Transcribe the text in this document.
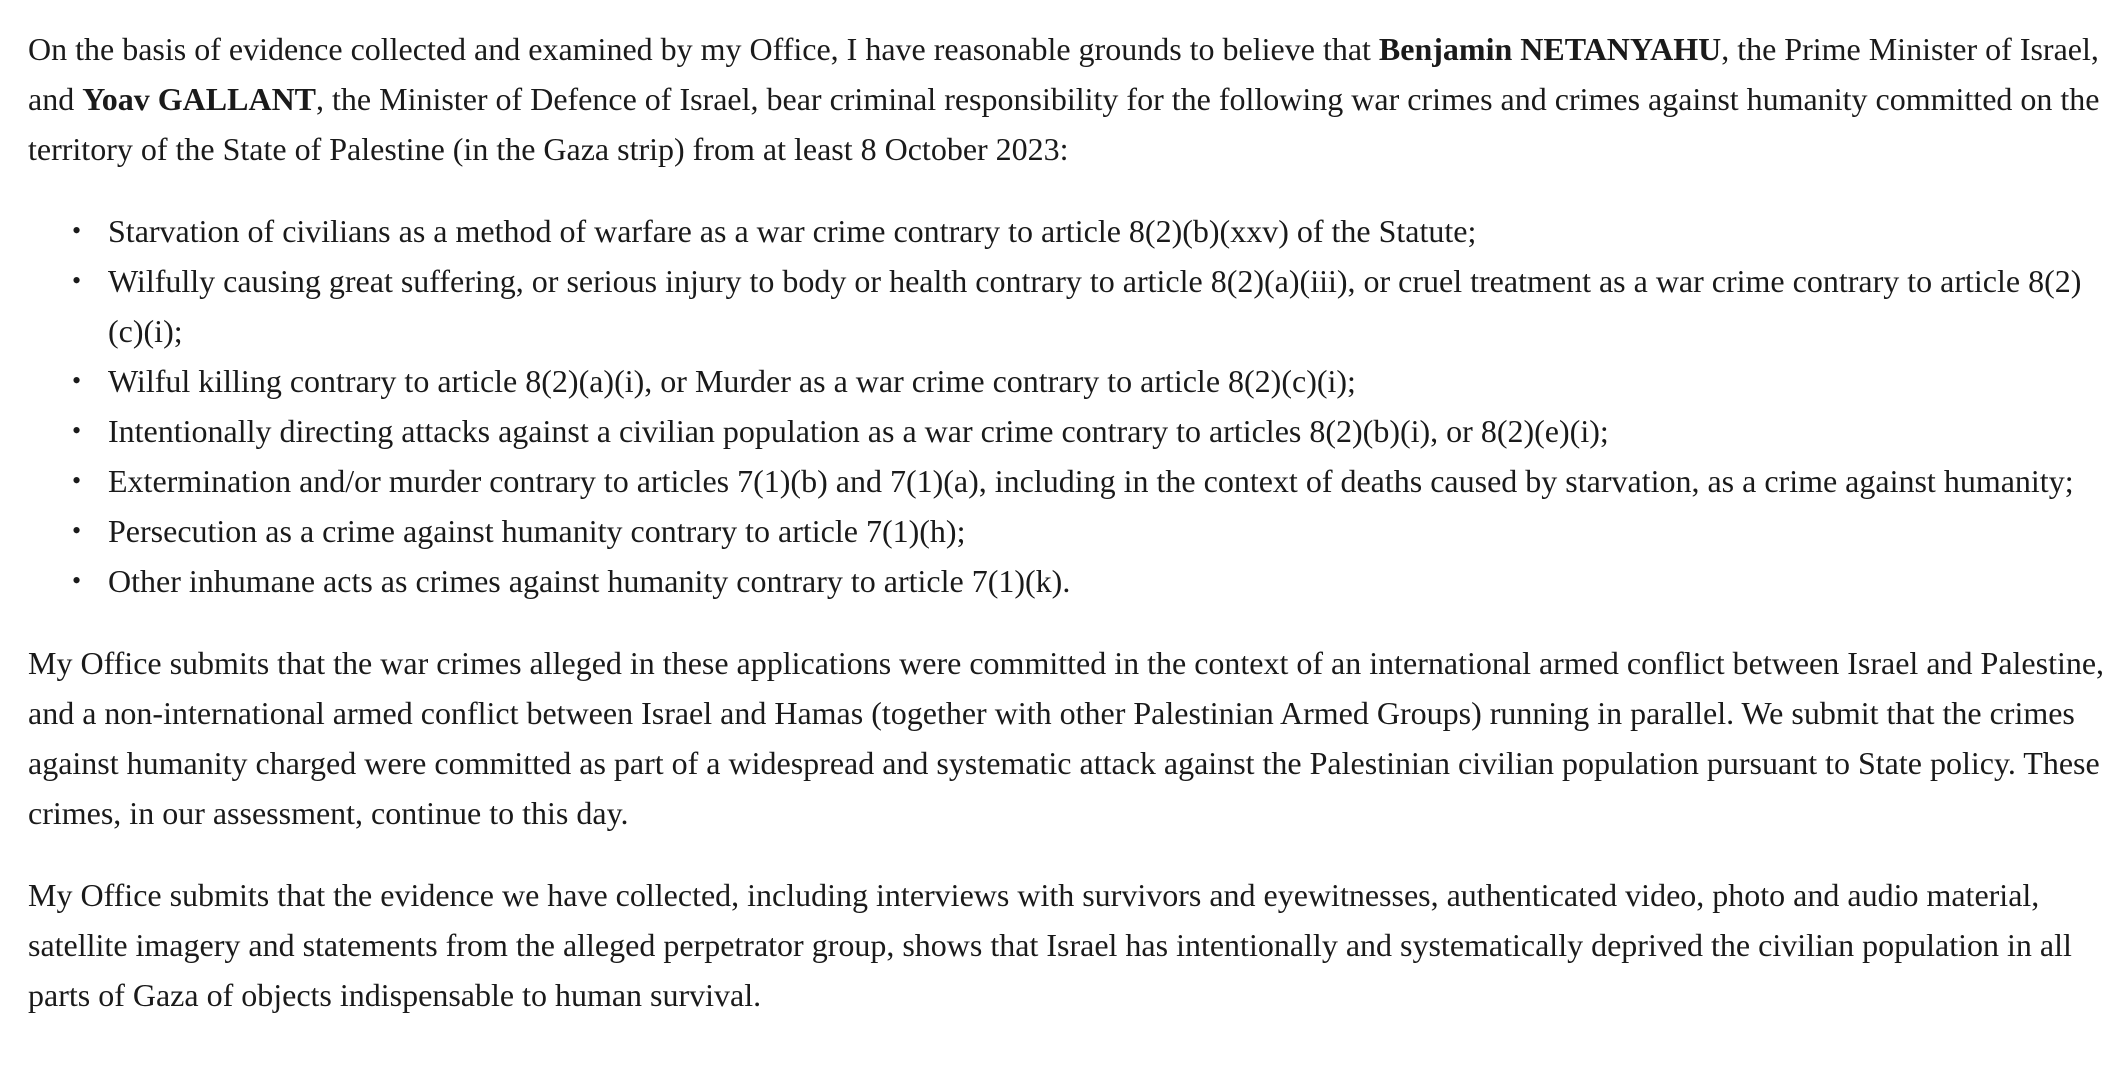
On the basis of evidence collected and examined by my Office, I have reasonable grounds to believe that Benjamin NETANYAHU, the Prime Minister of Israel, and Yoav GALLANT, the Minister of Defence of Israel, bear criminal responsibility for the following war crimes and crimes against humanity committed on the territory of the State of Palestine (in the Gaza strip) from at least 8 October 2023:

• Starvation of civilians as a method of warfare as a war crime contrary to article 8(2)(b)(xxv) of the Statute;
• Wilfully causing great suffering, or serious injury to body or health contrary to article 8(2)(a)(iii), or cruel treatment as a war crime contrary to article 8(2)(c)(i);
• Wilful killing contrary to article 8(2)(a)(i), or Murder as a war crime contrary to article 8(2)(c)(i);
• Intentionally directing attacks against a civilian population as a war crime contrary to articles 8(2)(b)(i), or 8(2)(e)(i);
• Extermination and/or murder contrary to articles 7(1)(b) and 7(1)(a), including in the context of deaths caused by starvation, as a crime against humanity;
• Persecution as a crime against humanity contrary to article 7(1)(h);
• Other inhumane acts as crimes against humanity contrary to article 7(1)(k).

My Office submits that the war crimes alleged in these applications were committed in the context of an international armed conflict between Israel and Palestine, and a non-international armed conflict between Israel and Hamas (together with other Palestinian Armed Groups) running in parallel. We submit that the crimes against humanity charged were committed as part of a widespread and systematic attack against the Palestinian civilian population pursuant to State policy. These crimes, in our assessment, continue to this day.

My Office submits that the evidence we have collected, including interviews with survivors and eyewitnesses, authenticated video, photo and audio material, satellite imagery and statements from the alleged perpetrator group, shows that Israel has intentionally and systematically deprived the civilian population in all parts of Gaza of objects indispensable to human survival.
